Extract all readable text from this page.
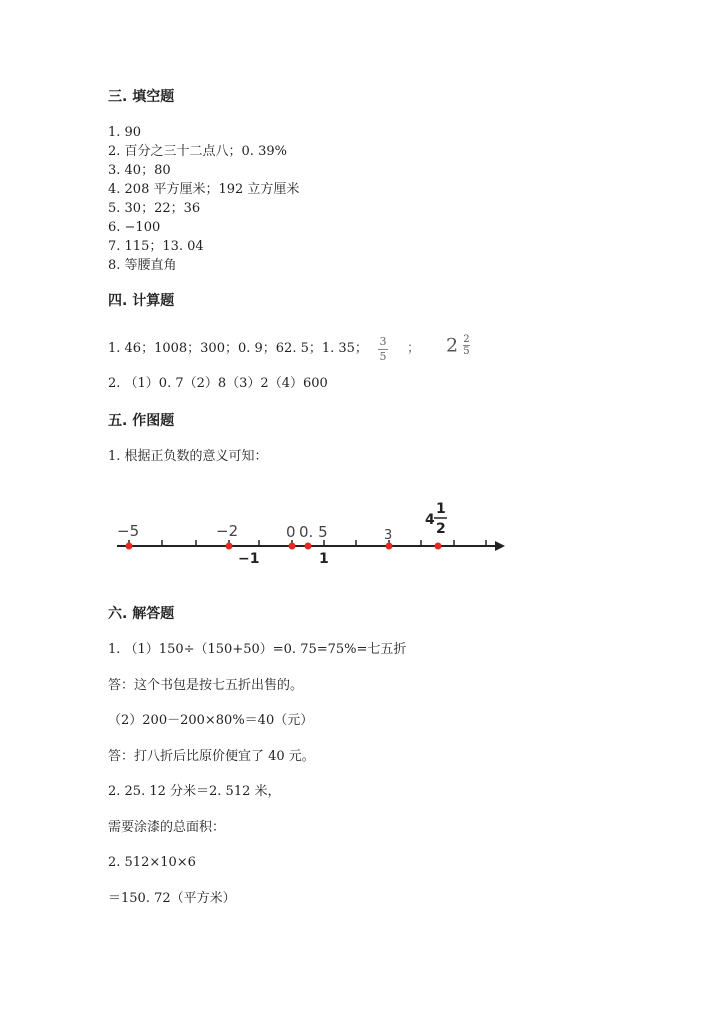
三. 填空题
1. 90
2. 百分之三十二点八；0. 39%
3. 40；80
4. 208 平方厘米；192 立方厘米
5. 30；22；36
6. −100
7. 115；13. 04
8. 等腰直角
四. 计算题
1. 46；1008；300；0. 9；62. 5；1. 35； 3
5
； $2 \frac{2}{5}$
2. （1）0. 7（2）8（3）2（4）600
五. 作图题
1. 根据正负数的意义可知：
−5	−2	0 0. 5	3
4
1
2
−1	1
六. 解答题
1. （1）150÷（150+50）=0. 75=75%=七五折
答：这个书包是按七五折出售的。
（2）200－200×80%＝40（元）
答：打八折后比原价便宜了 40 元。
2. 25. 12 分米＝2. 512 米，
需要涂漆的总面积：
2. 512×10×6
＝150. 72（平方米）
